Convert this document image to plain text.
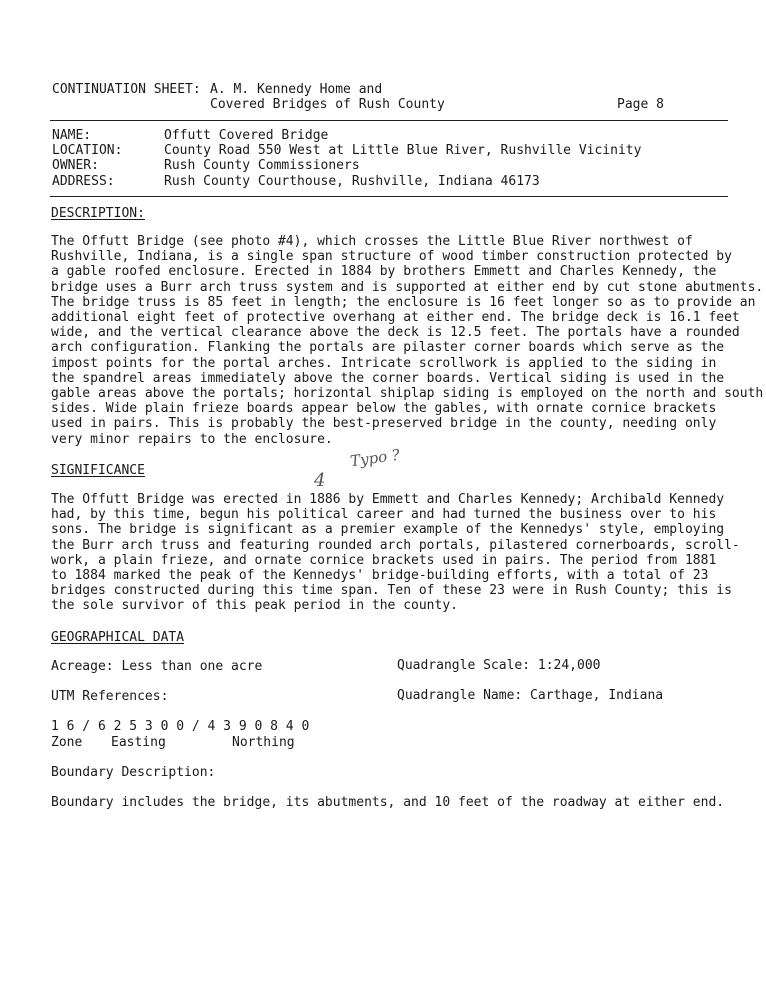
CONTINUATION SHEET: A. M. Kennedy Home and
Covered Bridges of Rush County	Page 8
NAME:	Offutt Covered Bridge
LOCATION:	County Road 550 West at Little Blue River, Rushville Vicinity
OWNER:	Rush County Commissioners
ADDRESS:	Rush County Courthouse, Rushville, Indiana 46173
DESCRIPTION:
The Offutt Bridge (see photo #4), which crosses the Little Blue River northwest of
Rushville, Indiana, is a single span structure of wood timber construction protected by
a gable roofed enclosure. Erected in 1884 by brothers Emmett and Charles Kennedy, the
bridge uses a Burr arch truss system and is supported at either end by cut stone abutments.
The bridge truss is 85 feet in length; the enclosure is 16 feet longer so as to provide an
additional eight feet of protective overhang at either end. The bridge deck is 16.1 feet
wide, and the vertical clearance above the deck is 12.5 feet. The portals have a rounded
arch configuration. Flanking the portals are pilaster corner boards which serve as the
impost points for the portal arches. Intricate scrollwork is applied to the siding in
the spandrel areas immediately above the corner boards. Vertical siding is used in the
gable areas above the portals; horizontal shiplap siding is employed on the north and south
sides. Wide plain frieze boards appear below the gables, with ornate cornice brackets
used in pairs. This is probably the best-preserved bridge in the county, needing only
very minor repairs to the enclosure.
Typo ?
4
SIGNIFICANCE
The Offutt Bridge was erected in 1886 by Emmett and Charles Kennedy; Archibald Kennedy
had, by this time, begun his political career and had turned the business over to his
sons. The bridge is significant as a premier example of the Kennedys' style, employing
the Burr arch truss and featuring rounded arch portals, pilastered cornerboards, scroll-
work, a plain frieze, and ornate cornice brackets used in pairs. The period from 1881
to 1884 marked the peak of the Kennedys' bridge-building efforts, with a total of 23
bridges constructed during this time span. Ten of these 23 were in Rush County; this is
the sole survivor of this peak period in the county.
GEOGRAPHICAL DATA
Acreage: Less than one acre	Quadrangle Scale: 1:24,000
UTM References:	Quadrangle Name: Carthage, Indiana
1 6 / 6 2 5 3 0 0 / 4 3 9 0 8 4 0
Zone Easting	Northing
Boundary Description:
Boundary includes the bridge, its abutments, and 10 feet of the roadway at either end.
